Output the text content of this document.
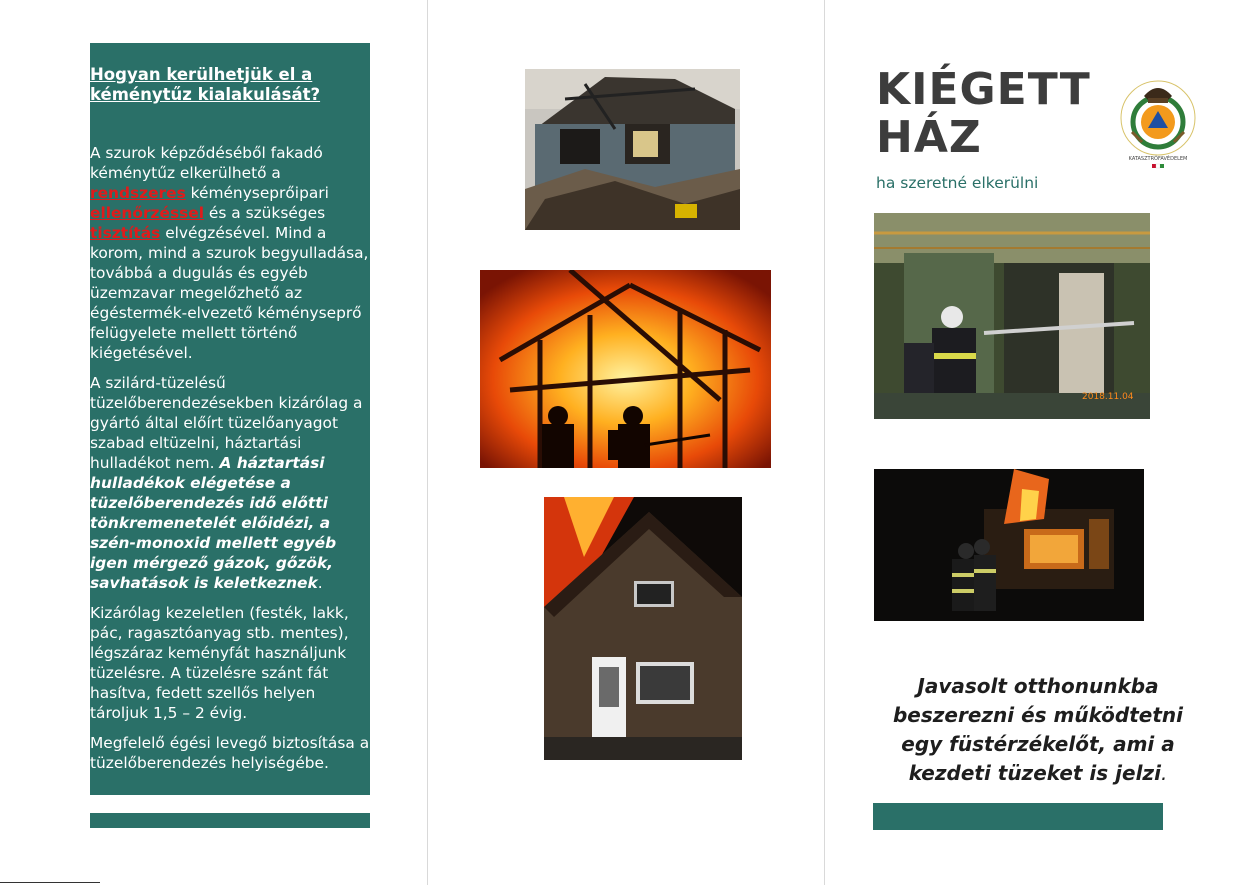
Hogyan kerülhetjük el a kéménytűz kialakulását?

A szurok képződéséből fakadó kéménytűz elkerülhető a rendszeres kéményseprőipari ellenőrzéssel és a szükséges tisztítás elvégzésével. Mind a korom, mind a szurok begyulladása, továbbá a dugulás és egyéb üzemzavar megelőzhető az égéstermék-elvezető kéményseprő felügyelete mellett történő kiégetésével.

A szilárd-tüzelésű tüzelőberendezésekben kizárólag a gyártó által előírt tüzelőanyagot szabad eltüzelni, háztartási hulladékot nem. A háztartási hulladékok elégetése a tüzelőberendezés idő előtti tönkremenetelét előidézi, a szén-monoxid mellett egyéb igen mérgező gázok, gőzök, savhatások is keletkeznek.

Kizárólag kezeletlen (festék, lakk, pác, ragasztóanyag stb. mentes), légszáraz keményfát használjunk tüzelésre. A tüzelésre szánt fát hasítva, fedett szellős helyen tároljuk 1,5 – 2 évig.

Megfelelő égési levegő biztosítása a tüzelőberendezés helyiségébe.

KIÉGETT
HÁZ

ha szeretné elkerülni

KATASZTRÓFAVÉDELEM
2018.11.04

Javasolt otthonunkba beszerezni és működtetni egy füstérzékelőt, ami a kezdeti tüzeket is jelzi.
